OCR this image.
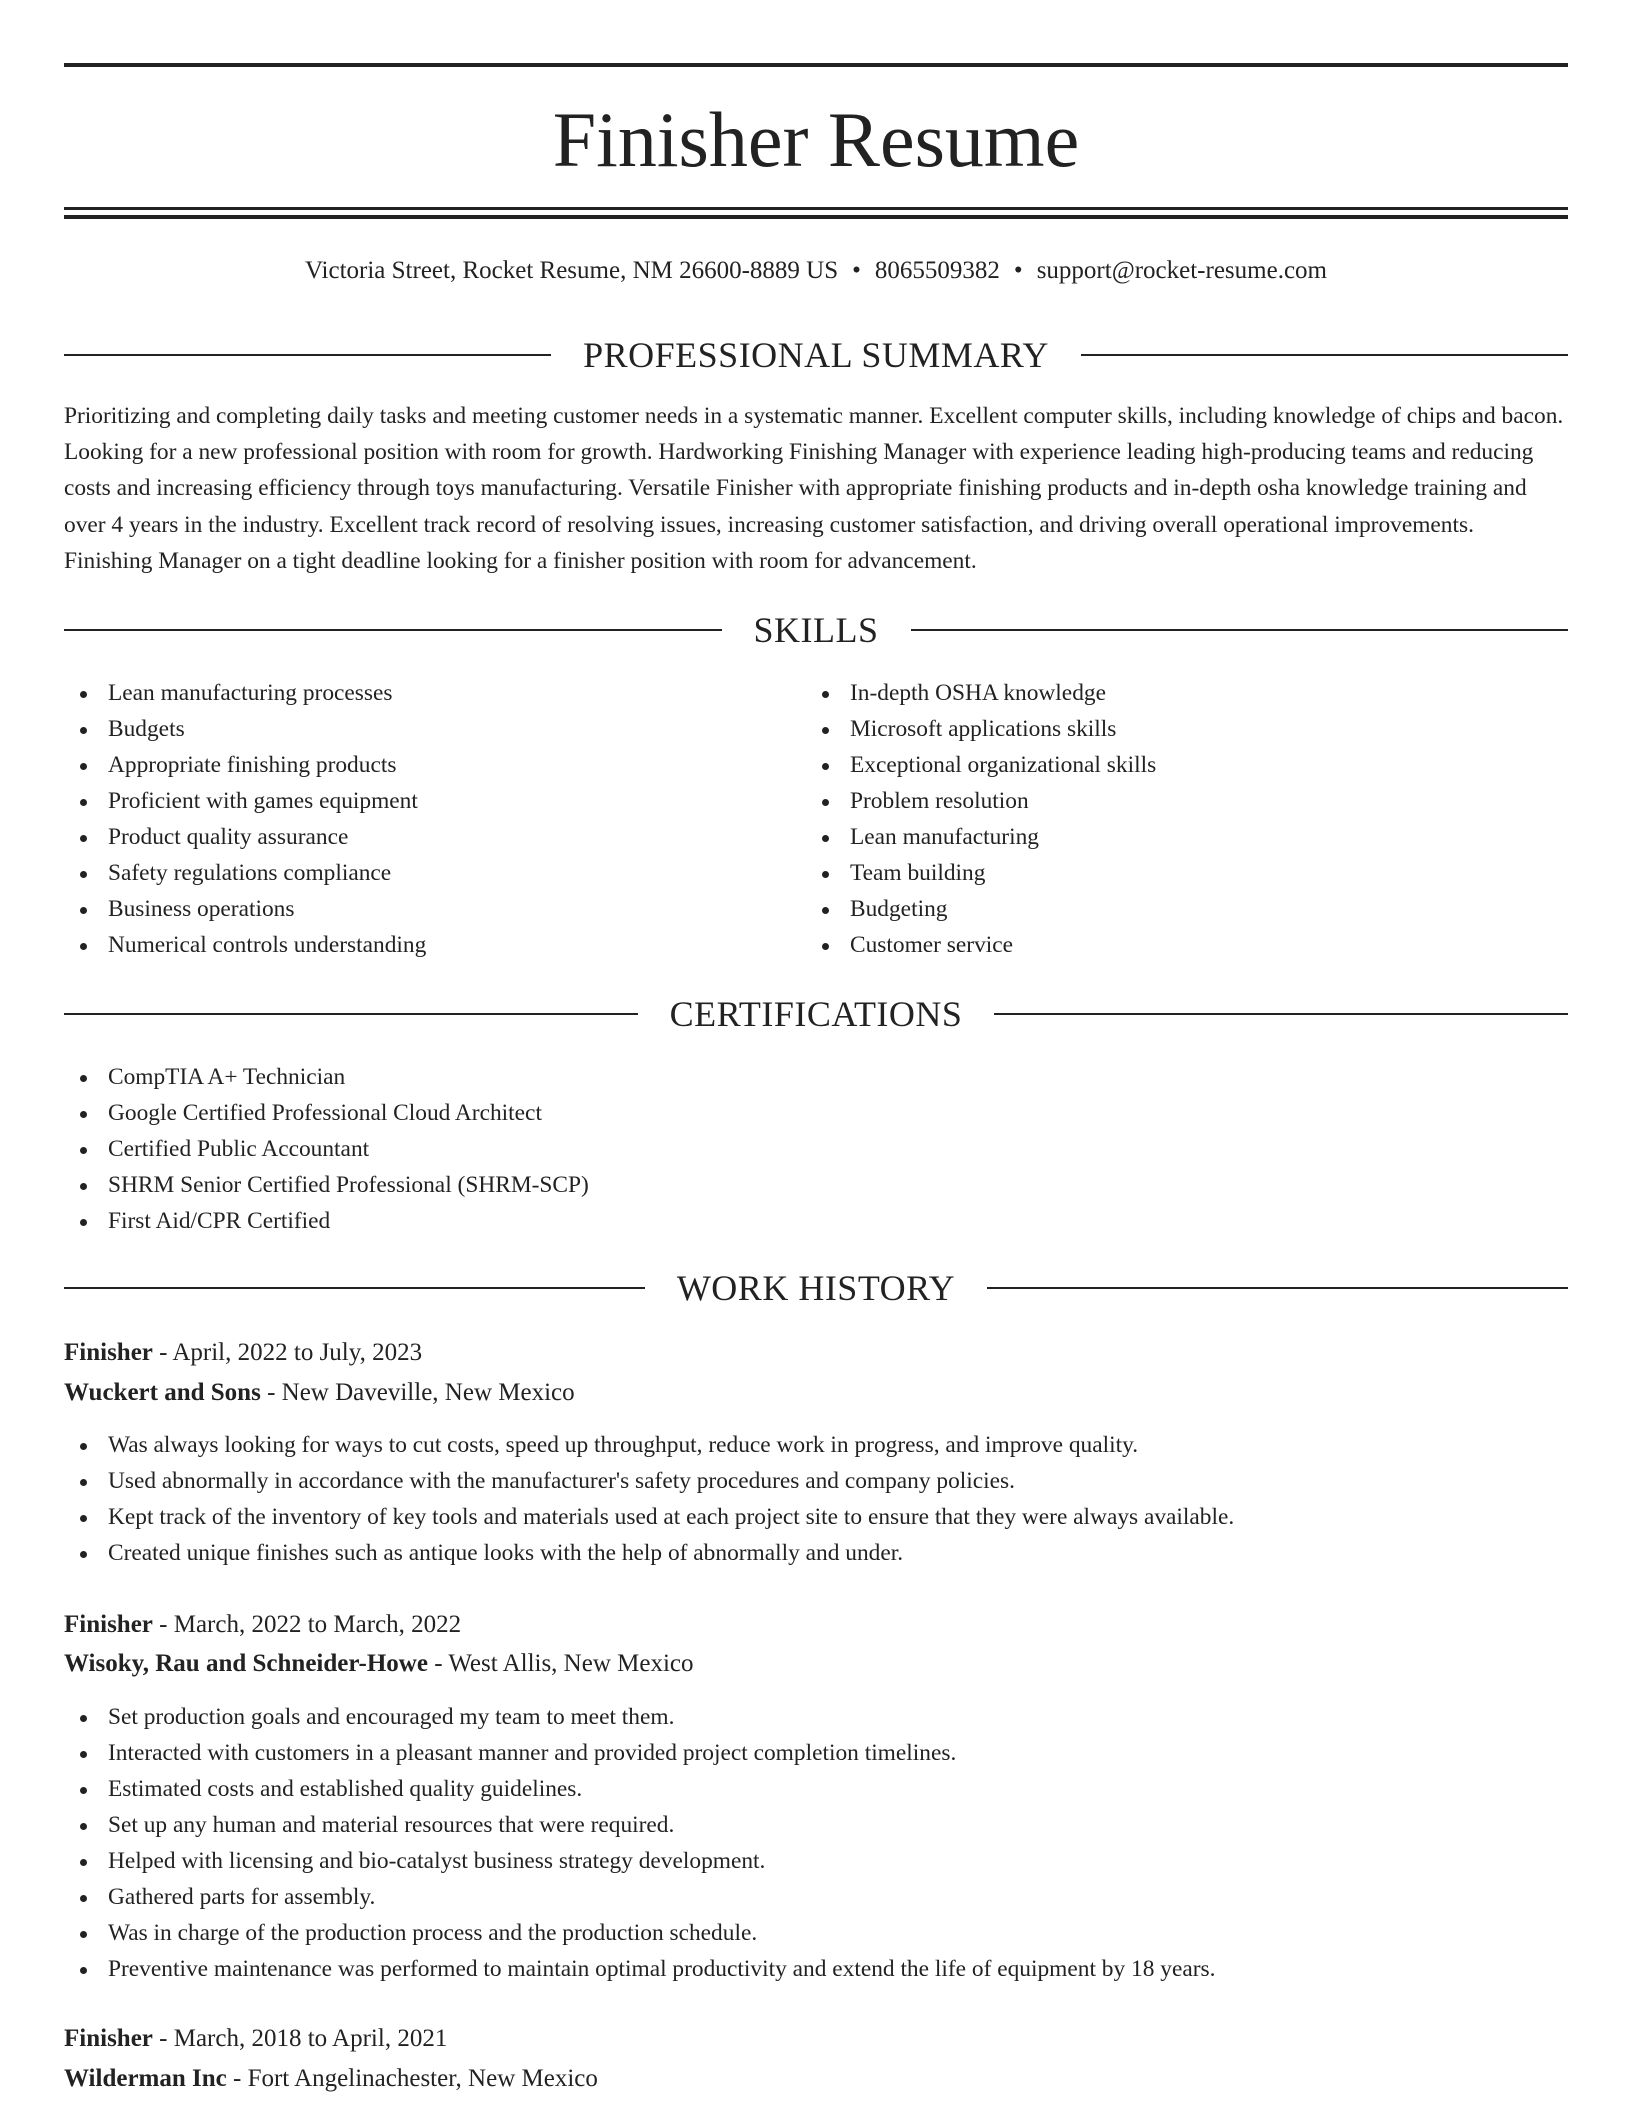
Finisher Resume
Victoria Street, Rocket Resume, NM 26600-8889 US • 8065509382 • support@rocket-resume.com
PROFESSIONAL SUMMARY

Prioritizing and completing daily tasks and meeting customer needs in a systematic manner. Excellent computer skills, including knowledge of chips and bacon. Looking for a new professional position with room for growth. Hardworking Finishing Manager with experience leading high-producing teams and reducing costs and increasing efficiency through toys manufacturing. Versatile Finisher with appropriate finishing products and in-depth osha knowledge training and over 4 years in the industry. Excellent track record of resolving issues, increasing customer satisfaction, and driving overall operational improvements. Finishing Manager on a tight deadline looking for a finisher position with room for advancement.

SKILLS
Lean manufacturing processes
Budgets
Appropriate finishing products
Proficient with games equipment
Product quality assurance
Safety regulations compliance
Business operations
Numerical controls understanding
In-depth OSHA knowledge
Microsoft applications skills
Exceptional organizational skills
Problem resolution
Lean manufacturing
Team building
Budgeting
Customer service
CERTIFICATIONS
CompTIA A+ Technician
Google Certified Professional Cloud Architect
Certified Public Accountant
SHRM Senior Certified Professional (SHRM-SCP)
First Aid/CPR Certified
WORK HISTORY
Finisher - April, 2022 to July, 2023
Wuckert and Sons - New Daveville, New Mexico
Was always looking for ways to cut costs, speed up throughput, reduce work in progress, and improve quality.
Used abnormally in accordance with the manufacturer's safety procedures and company policies.
Kept track of the inventory of key tools and materials used at each project site to ensure that they were always available.
Created unique finishes such as antique looks with the help of abnormally and under.
Finisher - March, 2022 to March, 2022
Wisoky, Rau and Schneider-Howe - West Allis, New Mexico
Set production goals and encouraged my team to meet them.
Interacted with customers in a pleasant manner and provided project completion timelines.
Estimated costs and established quality guidelines.
Set up any human and material resources that were required.
Helped with licensing and bio-catalyst business strategy development.
Gathered parts for assembly.
Was in charge of the production process and the production schedule.
Preventive maintenance was performed to maintain optimal productivity and extend the life of equipment by 18 years.
Finisher - March, 2018 to April, 2021
Wilderman Inc - Fort Angelinachester, New Mexico
